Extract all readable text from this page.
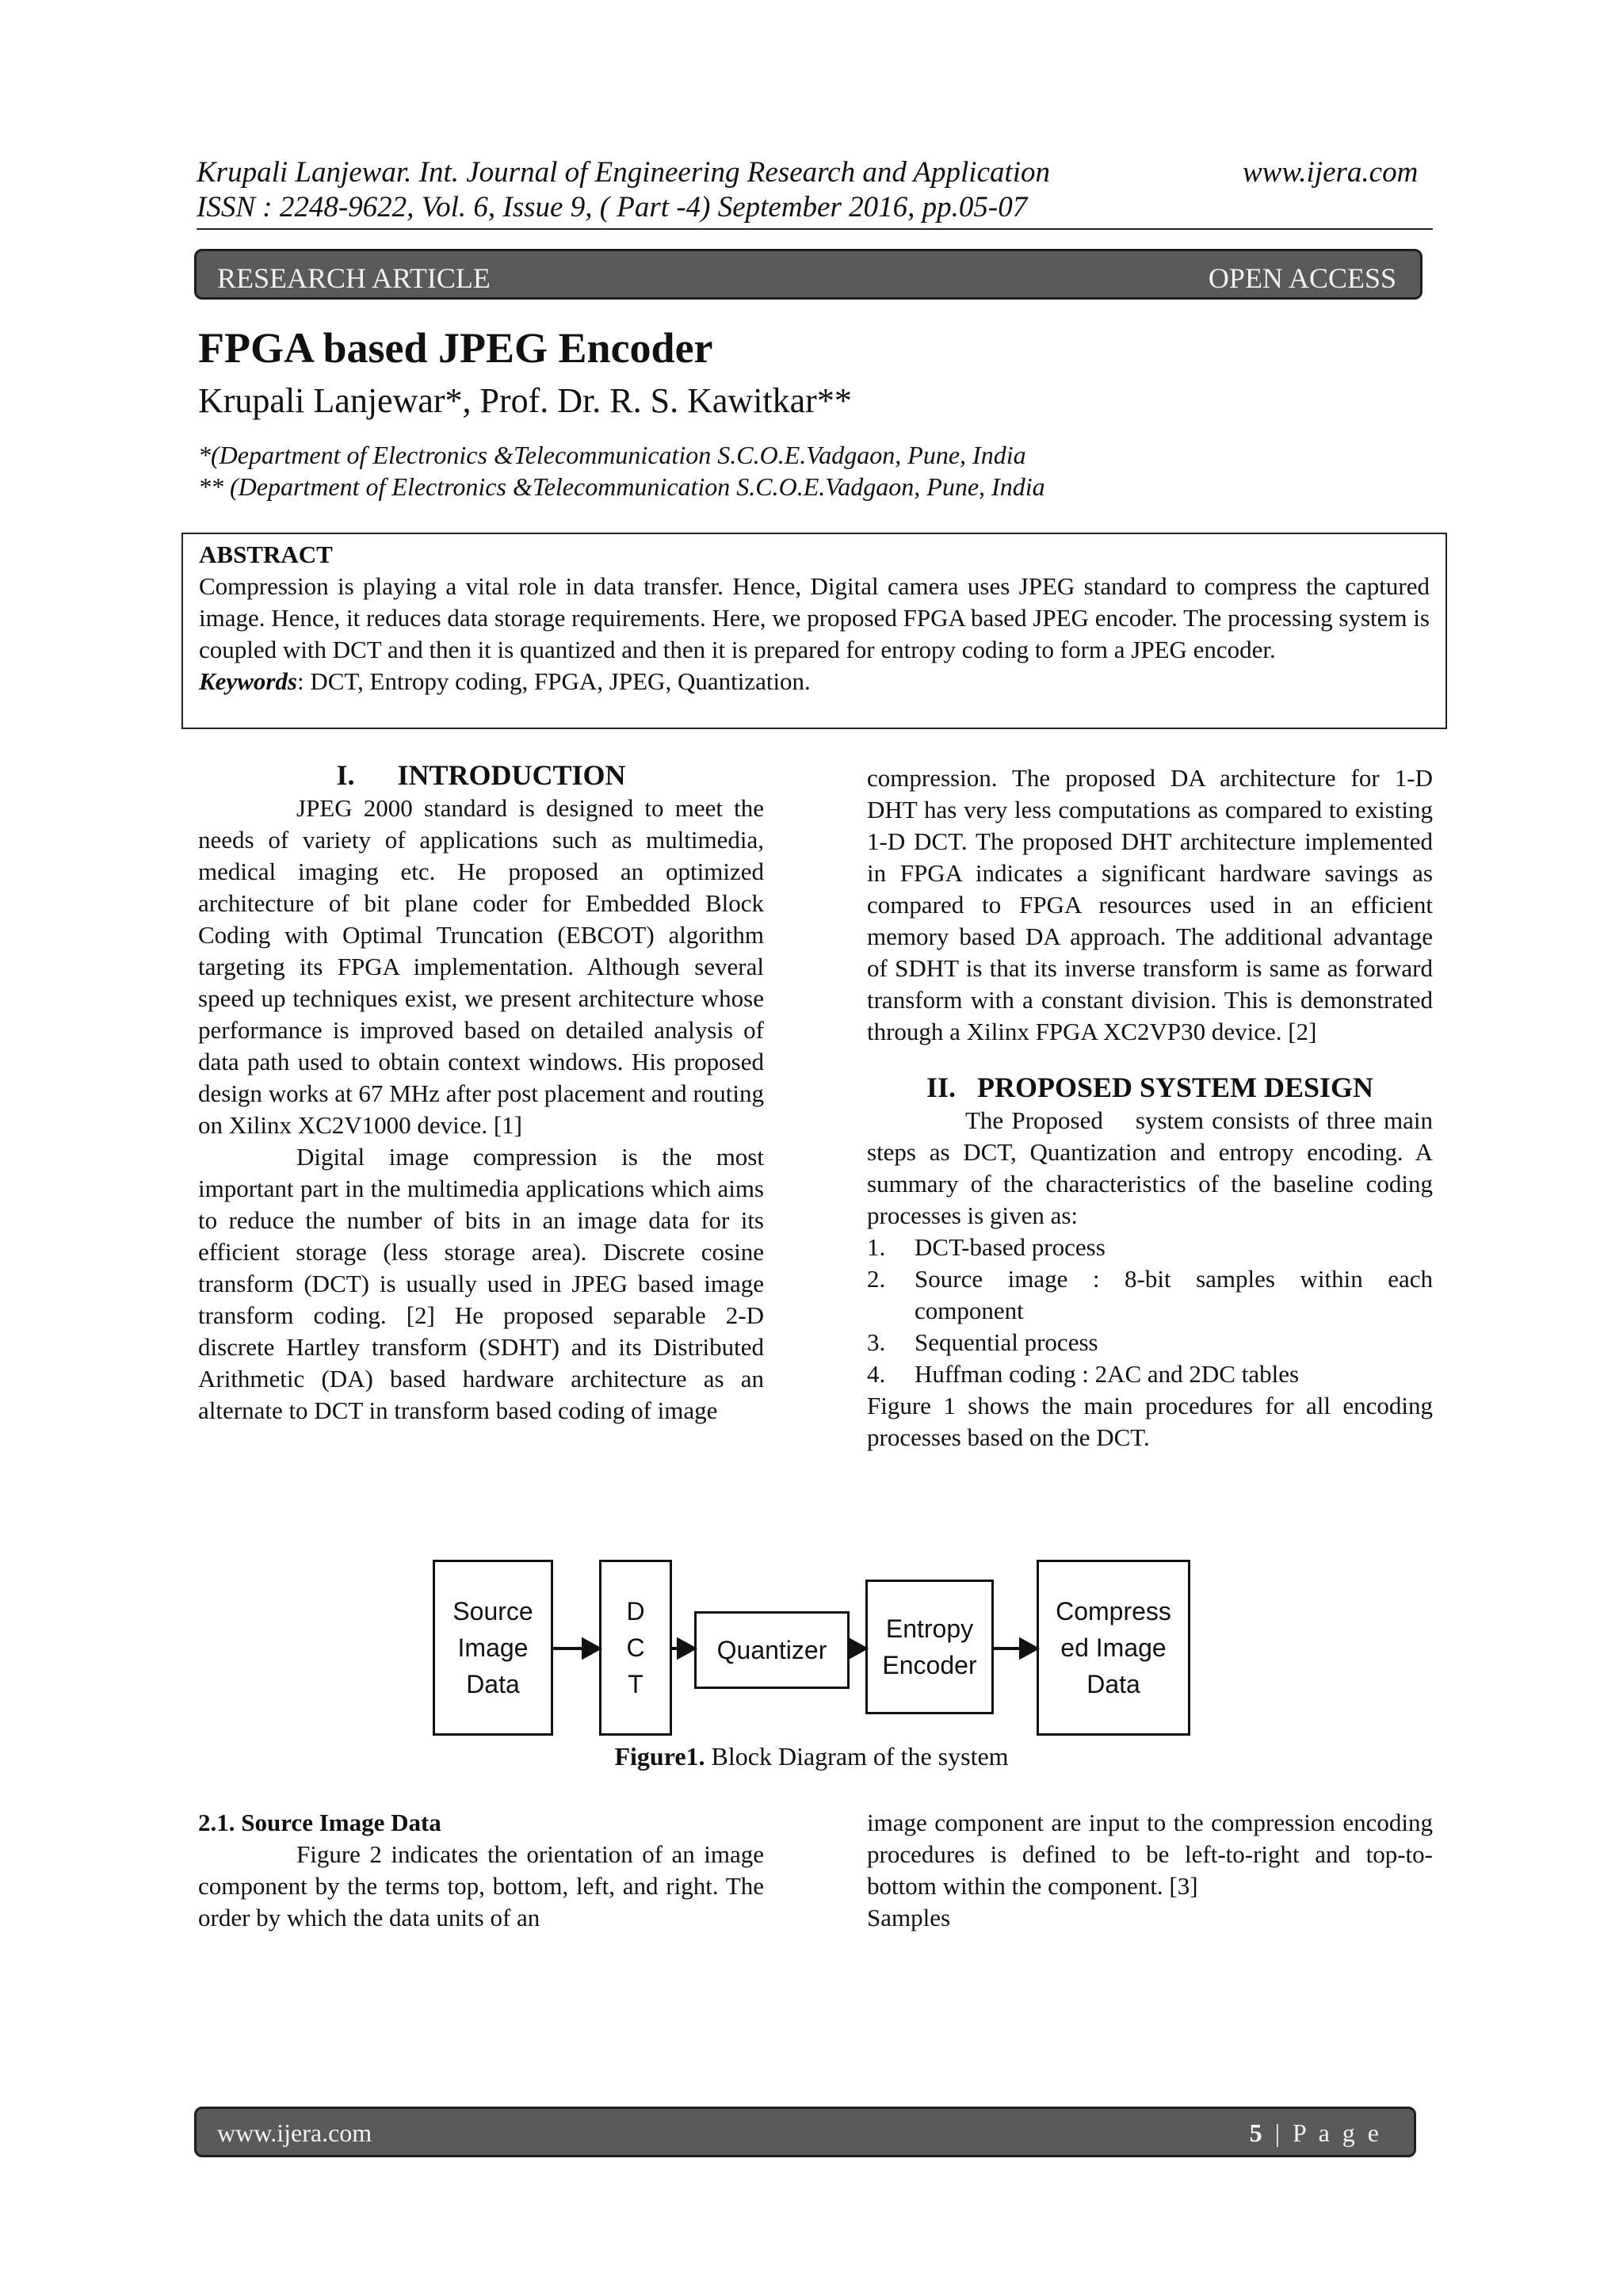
Krupali Lanjewar. Int. Journal of Engineering Research and Application	www.ijera.com
ISSN : 2248-9622, Vol. 6, Issue 9, ( Part -4) September 2016, pp.05-07
RESEARCH ARTICLE	OPEN ACCESS
FPGA based JPEG Encoder
Krupali Lanjewar*, Prof. Dr. R. S. Kawitkar**
*(Department of Electronics &Telecommunication S.C.O.E.Vadgaon, Pune, India
** (Department of Electronics &Telecommunication S.C.O.E.Vadgaon, Pune, India
ABSTRACT
Compression is playing a vital role in data transfer. Hence, Digital camera uses JPEG standard to compress the captured image. Hence, it reduces data storage requirements. Here, we proposed FPGA based JPEG encoder. The processing system is coupled with DCT and then it is quantized and then it is prepared for entropy coding to form a JPEG encoder.
Keywords: DCT, Entropy coding, FPGA, JPEG, Quantization.
I.      INTRODUCTION

JPEG 2000 standard is designed to meet the needs of variety of applications such as multimedia, medical imaging etc. He proposed an optimized architecture of bit plane coder for Embedded Block Coding with Optimal Truncation (EBCOT) algorithm targeting its FPGA implementation. Although several speed up techniques exist, we present architecture whose performance is improved based on detailed analysis of data path used to obtain context windows. His proposed design works at 67 MHz after post placement and routing on Xilinx XC2V1000 device. [1]

Digital image compression is the most important part in the multimedia applications which aims to reduce the number of bits in an image data for its efficient storage (less storage area). Discrete cosine transform (DCT) is usually used in JPEG based image transform coding. [2] He proposed separable 2-D discrete Hartley transform (SDHT) and its Distributed Arithmetic (DA) based hardware architecture as an alternate to DCT in transform based coding of image

compression. The proposed DA architecture for 1-D DHT has very less computations as compared to existing 1-D DCT. The proposed DHT architecture implemented in FPGA indicates a significant hardware savings as compared to FPGA resources used in an efficient memory based DA approach. The additional advantage of SDHT is that its inverse transform is same as forward transform with a constant division. This is demonstrated through a Xilinx FPGA XC2VP30 device. [2]

II.   PROPOSED SYSTEM DESIGN

The Proposed    system consists of three main steps as DCT, Quantization and entropy encoding. A summary of the characteristics of the baseline coding processes is given as:

1. DCT-based process
2. Source image : 8-bit samples within each component
3. Sequential process
4. Huffman coding : 2AC and 2DC tables

Figure 1 shows the main procedures for all encoding processes based on the DCT.

Source
Image
Data
D
C
T
Quantizer
Entropy
Encoder
Compress
ed Image
Data
Figure1. Block Diagram of the system
2.1. Source Image Data

Figure 2 indicates the orientation of an image component by the terms top, bottom, left, and right. The order by which the data units of an

image component are input to the compression encoding procedures is defined to be left-to-right and top-to-bottom within the component. [3]

Samples

www.ijera.com	5 | P a g e
